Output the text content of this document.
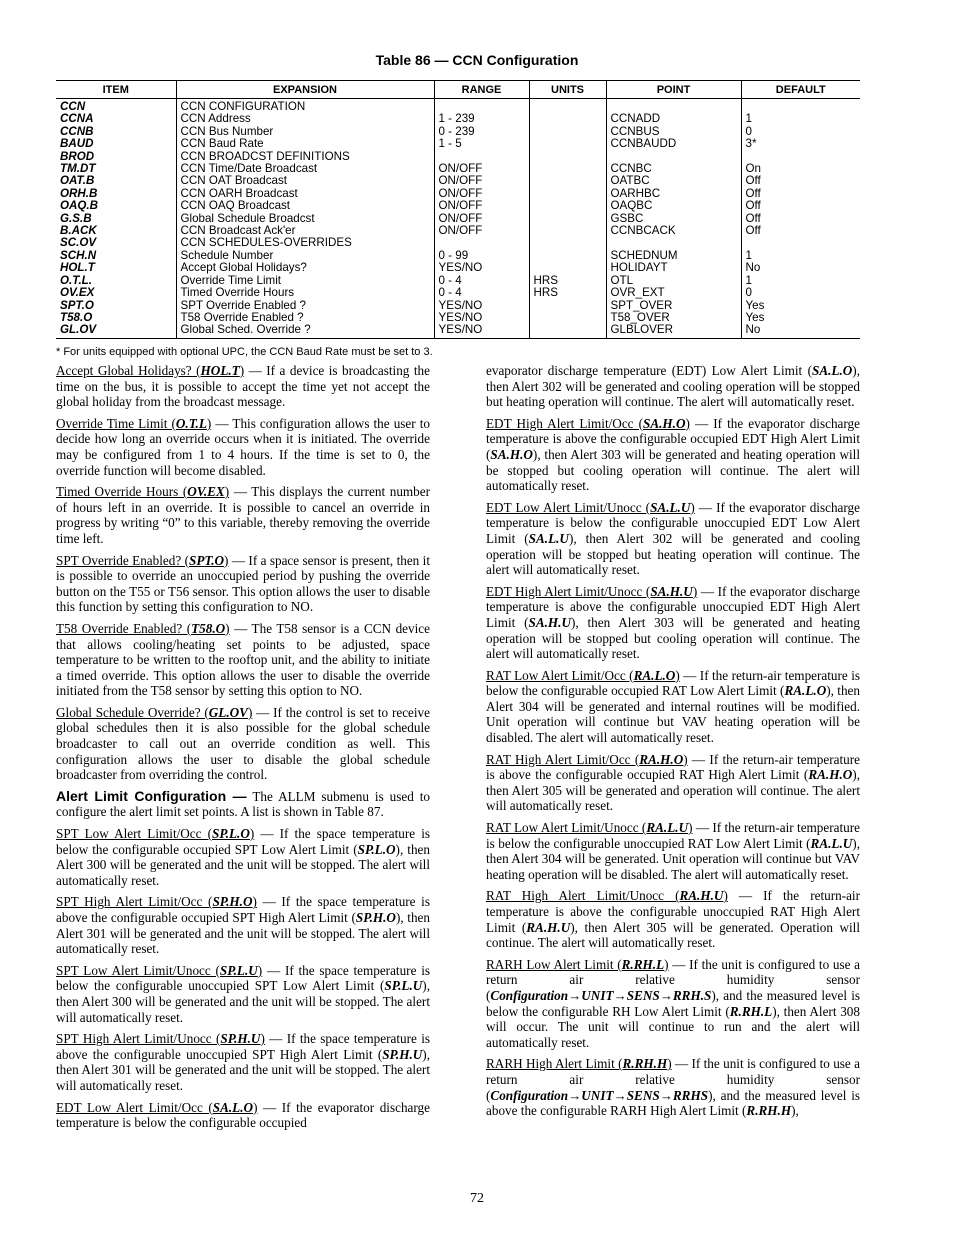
Table 86 — CCN Configuration
ITEM	EXPANSION	RANGE	UNITS	POINT	DEFAULT
CCN	CCN CONFIGURATION				
CCNA	CCN Address	1 - 239		CCNADD	1
CCNB	CCN Bus Number	0 - 239		CCNBUS	0
BAUD	CCN Baud Rate	1 - 5		CCNBAUDD	3*
BROD	CCN BROADCST DEFINITIONS				
TM.DT	CCN Time/Date Broadcast	ON/OFF		CCNBC	On
OAT.B	CCN OAT Broadcast	ON/OFF		OATBC	Off
ORH.B	CCN OARH Broadcast	ON/OFF		OARHBC	Off
OAQ.B	CCN OAQ Broadcast	ON/OFF		OAQBC	Off
G.S.B	Global Schedule Broadcst	ON/OFF		GSBC	Off
B.ACK	CCN Broadcast Ack'er	ON/OFF		CCNBCACK	Off
SC.OV	CCN SCHEDULES-OVERRIDES				
SCH.N	Schedule Number	0 - 99		SCHEDNUM	1
HOL.T	Accept Global Holidays?	YES/NO		HOLIDAYT	No
O.T.L.	Override Time Limit	0 - 4	HRS	OTL	1
OV.EX	Timed Override Hours	0 - 4	HRS	OVR_EXT	0
SPT.O	SPT Override Enabled ?	YES/NO		SPT_OVER	Yes
T58.O	T58 Override Enabled ?	YES/NO		T58_OVER	Yes
GL.OV	Global Sched. Override ?	YES/NO		GLBLOVER	No
* For units equipped with optional UPC, the CCN Baud Rate must be set to 3.

Accept Global Holidays? (HOL.T) — If a device is broadcasting the time on the bus, it is possible to accept the time yet not accept the global holiday from the broadcast message.

Override Time Limit (O.T.L) — This configuration allows the user to decide how long an override occurs when it is initiated. The override may be configured from 1 to 4 hours. If the time is set to 0, the override function will become disabled.

Timed Override Hours (OV.EX) — This displays the current number of hours left in an override. It is possible to cancel an override in progress by writing “0” to this variable, thereby removing the override time left.

SPT Override Enabled? (SPT.O) — If a space sensor is present, then it is possible to override an unoccupied period by pushing the override button on the T55 or T56 sensor. This option allows the user to disable this function by setting this configuration to NO.

T58 Override Enabled? (T58.O) — The T58 sensor is a CCN device that allows cooling/heating set points to be adjusted, space temperature to be written to the rooftop unit, and the ability to initiate a timed override. This option allows the user to disable the override initiated from the T58 sensor by setting this option to NO.

Global Schedule Override? (GL.OV) — If the control is set to receive global schedules then it is also possible for the global schedule broadcaster to call out an override condition as well. This configuration allows the user to disable the global schedule broadcaster from overriding the control.

Alert Limit Configuration — The ALLM submenu is used to configure the alert limit set points. A list is shown in Table 87.

SPT Low Alert Limit/Occ (SP.L.O) — If the space temperature is below the configurable occupied SPT Low Alert Limit (SP.L.O), then Alert 300 will be generated and the unit will be stopped. The alert will automatically reset.

SPT High Alert Limit/Occ (SP.H.O) — If the space temperature is above the configurable occupied SPT High Alert Limit (SP.H.O), then Alert 301 will be generated and the unit will be stopped. The alert will automatically reset.

SPT Low Alert Limit/Unocc (SP.L.U) — If the space temperature is below the configurable unoccupied SPT Low Alert Limit (SP.L.U), then Alert 300 will be generated and the unit will be stopped. The alert will automatically reset.

SPT High Alert Limit/Unocc (SP.H.U) — If the space temperature is above the configurable unoccupied SPT High Alert Limit (SP.H.U), then Alert 301 will be generated and the unit will be stopped. The alert will automatically reset.

EDT Low Alert Limit/Occ (SA.L.O) — If the evaporator discharge temperature is below the configurable occupied

evaporator discharge temperature (EDT) Low Alert Limit (SA.L.O), then Alert 302 will be generated and cooling operation will be stopped but heating operation will continue. The alert will automatically reset.

EDT High Alert Limit/Occ (SA.H.O) — If the evaporator discharge temperature is above the configurable occupied EDT High Alert Limit (SA.H.O), then Alert 303 will be generated and heating operation will be stopped but cooling operation will continue. The alert will automatically reset.

EDT Low Alert Limit/Unocc (SA.L.U) — If the evaporator discharge temperature is below the configurable unoccupied EDT Low Alert Limit (SA.L.U), then Alert 302 will be generated and cooling operation will be stopped but heating operation will continue. The alert will automatically reset.

EDT High Alert Limit/Unocc (SA.H.U) — If the evaporator discharge temperature is above the configurable unoccupied EDT High Alert Limit (SA.H.U), then Alert 303 will be generated and heating operation will be stopped but cooling operation will continue. The alert will automatically reset.

RAT Low Alert Limit/Occ (RA.L.O) — If the return-air temperature is below the configurable occupied RAT Low Alert Limit (RA.L.O), then Alert 304 will be generated and internal routines will be modified. Unit operation will continue but VAV heating operation will be disabled. The alert will automatically reset.

RAT High Alert Limit/Occ (RA.H.O) — If the return-air temperature is above the configurable occupied RAT High Alert Limit (RA.H.O), then Alert 305 will be generated and operation will continue. The alert will automatically reset.

RAT Low Alert Limit/Unocc (RA.L.U) — If the return-air temperature is below the configurable unoccupied RAT Low Alert Limit (RA.L.U), then Alert 304 will be generated. Unit operation will continue but VAV heating operation will be disabled. The alert will automatically reset.

RAT High Alert Limit/Unocc (RA.H.U) — If the return-air temperature is above the configurable unoccupied RAT High Alert Limit (RA.H.U), then Alert 305 will be generated. Operation will continue. The alert will automatically reset.

RARH Low Alert Limit (R.RH.L) — If the unit is configured to use a return air relative humidity sensor (Configuration→UNIT→SENS→RRH.S), and the measured level is below the configurable RH Low Alert Limit (R.RH.L), then Alert 308 will occur. The unit will continue to run and the alert will automatically reset.

RARH High Alert Limit (R.RH.H) — If the unit is configured to use a return air relative humidity sensor (Configuration→UNIT→SENS→RRHS), and the measured level is above the configurable RARH High Alert Limit (R.RH.H),

72
